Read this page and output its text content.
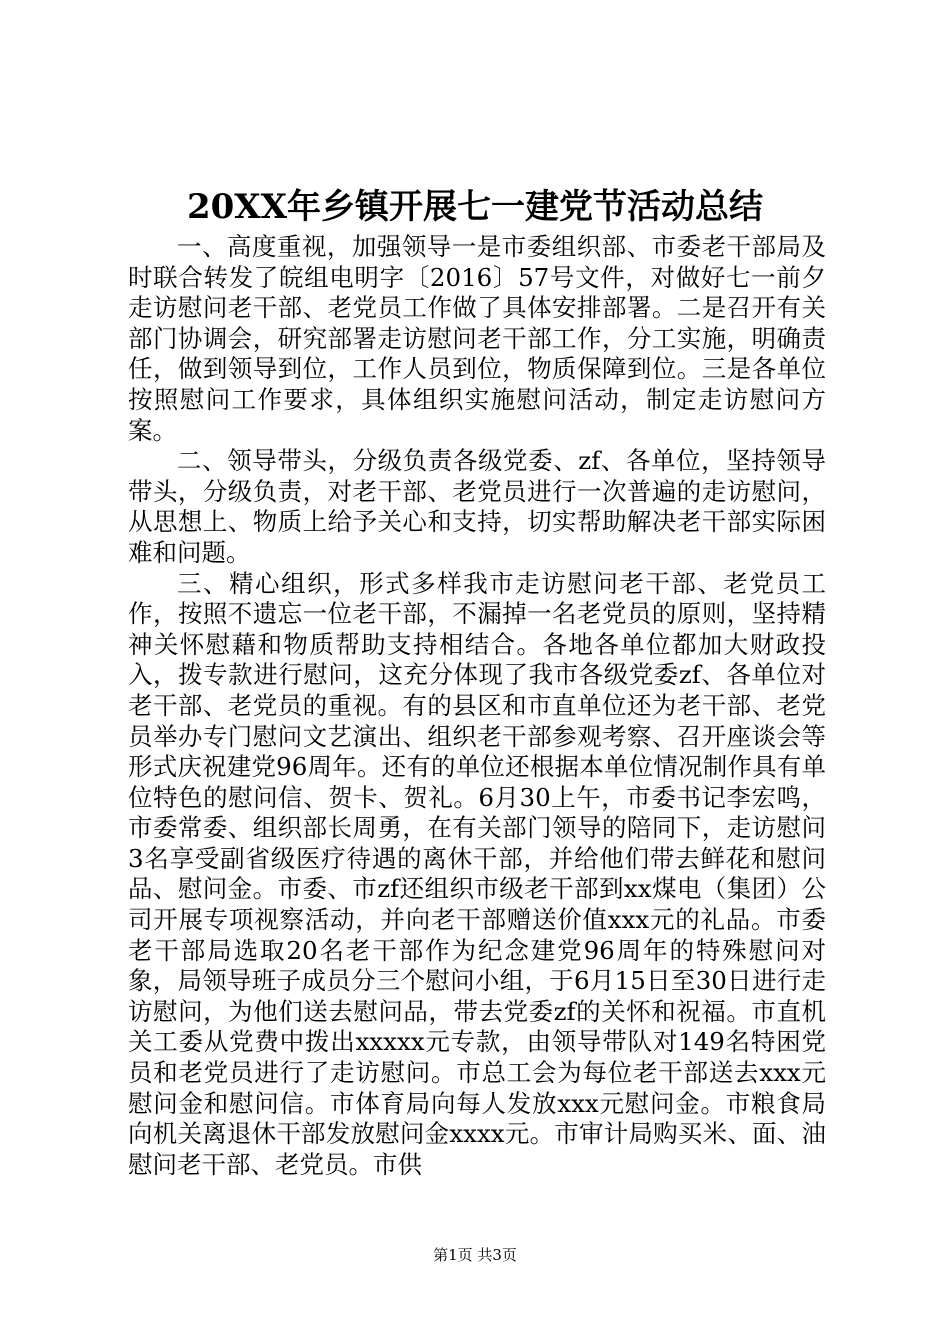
20XX年乡镇开展七一建党节活动总结

一、高度重视，加强领导一是市委组织部、市委老干部局及时联合转发了皖组电明字〔2016〕57号文件，对做好七一前夕走访慰问老干部、老党员工作做了具体安排部署。二是召开有关部门协调会，研究部署走访慰问老干部工作，分工实施，明确责任，做到领导到位，工作人员到位，物质保障到位。三是各单位按照慰问工作要求，具体组织实施慰问活动，制定走访慰问方案。

二、领导带头，分级负责各级党委、zf、各单位，坚持领导带头，分级负责，对老干部、老党员进行一次普遍的走访慰问，从思想上、物质上给予关心和支持，切实帮助解决老干部实际困难和问题。

三、精心组织，形式多样我市走访慰问老干部、老党员工作，按照不遗忘一位老干部，不漏掉一名老党员的原则，坚持精神关怀慰藉和物质帮助支持相结合。各地各单位都加大财政投入，拨专款进行慰问，这充分体现了我市各级党委zf、各单位对老干部、老党员的重视。有的县区和市直单位还为老干部、老党员举办专门慰问文艺演出、组织老干部参观考察、召开座谈会等形式庆祝建党96周年。还有的单位还根据本单位情况制作具有单位特色的慰问信、贺卡、贺礼。6月30上午，市委书记李宏鸣，市委常委、组织部长周勇，在有关部门领导的陪同下，走访慰问3名享受副省级医疗待遇的离休干部，并给他们带去鲜花和慰问品、慰问金。市委、市zf还组织市级老干部到xx煤电（集团）公司开展专项视察活动，并向老干部赠送价值xxx元的礼品。市委老干部局选取20名老干部作为纪念建党96周年的特殊慰问对象，局领导班子成员分三个慰问小组，于6月15日至30日进行走访慰问，为他们送去慰问品，带去党委zf的关怀和祝福。市直机关工委从党费中拨出xxxxx元专款，由领导带队对149名特困党员和老党员进行了走访慰问。市总工会为每位老干部送去xxx元慰问金和慰问信。市体育局向每人发放xxx元慰问金。市粮食局向机关离退休干部发放慰问金xxxx元。市审计局购买米、面、油慰问老干部、老党员。市供

第1页 共3页
